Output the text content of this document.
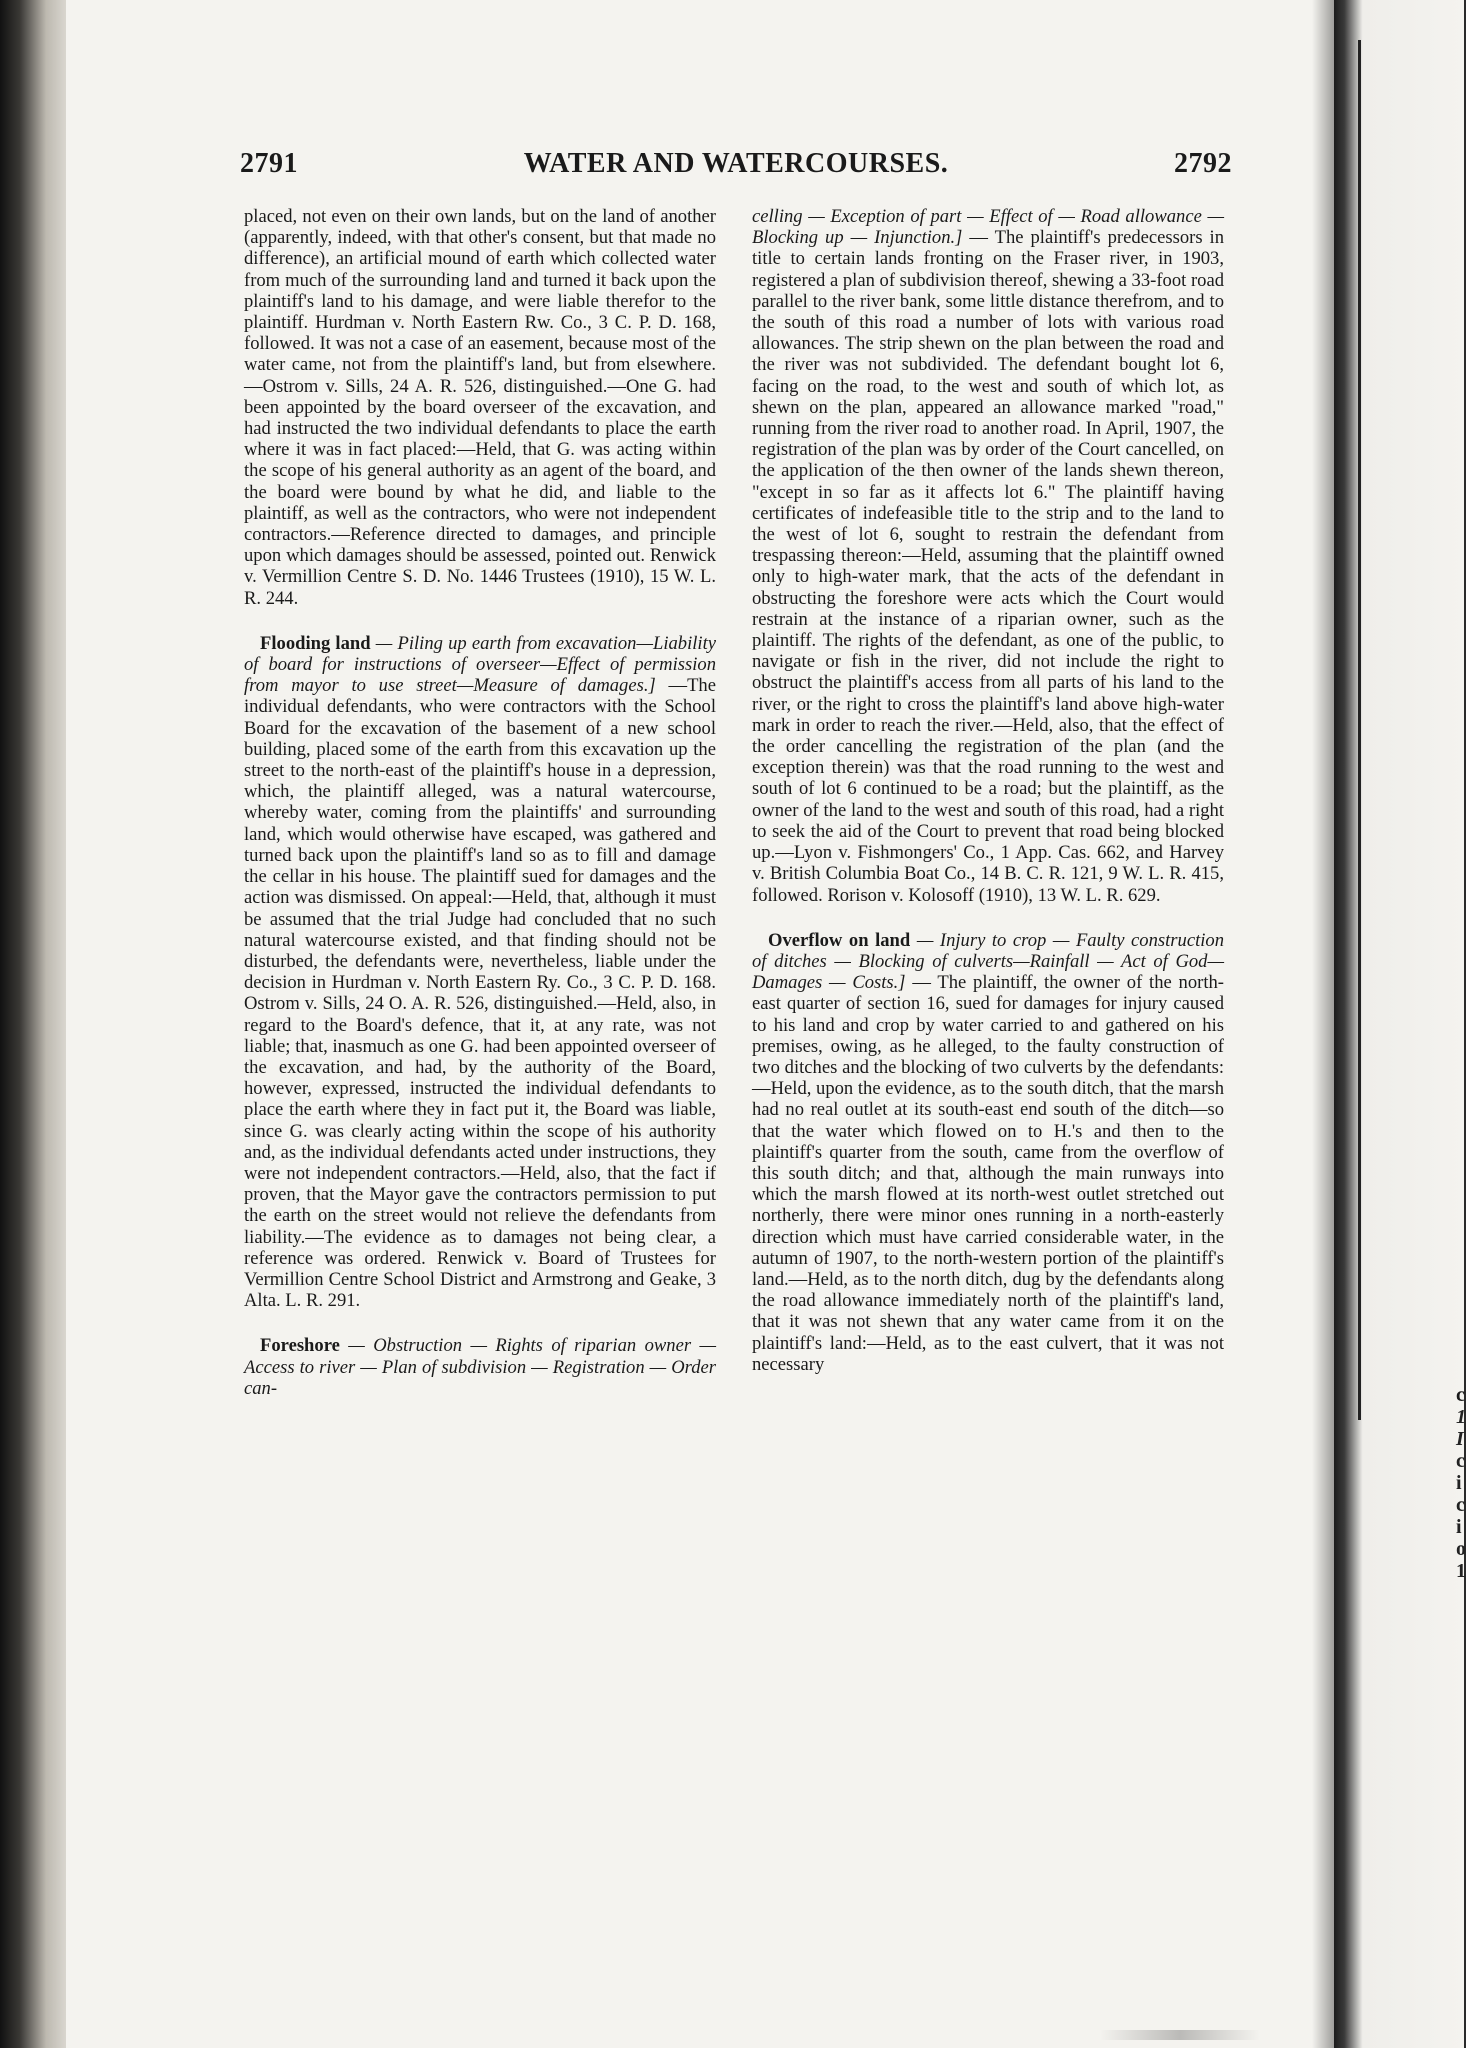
c
1
I
c
i
c
i
o
1
2791	WATER AND WATERCOURSES.	2792

placed, not even on their own lands, but on the land of another (apparently, indeed, with that other's consent, but that made no difference), an artificial mound of earth which collected water from much of the surrounding land and turned it back upon the plaintiff's land to his damage, and were liable therefor to the plaintiff. Hurdman v. North Eastern Rw. Co., 3 C. P. D. 168, followed. It was not a case of an easement, because most of the water came, not from the plaintiff's land, but from elsewhere.—Ostrom v. Sills, 24 A. R. 526, distinguished.—One G. had been appointed by the board overseer of the excavation, and had instructed the two individual defendants to place the earth where it was in fact placed:—Held, that G. was acting within the scope of his general authority as an agent of the board, and the board were bound by what he did, and liable to the plaintiff, as well as the contractors, who were not independent contractors.—Reference directed to damages, and principle upon which damages should be assessed, pointed out. Renwick v. Vermillion Centre S. D. No. 1446 Trustees (1910), 15 W. L. R. 244.

Flooding land — Piling up earth from excavation—Liability of board for instructions of overseer—Effect of permission from mayor to use street—Measure of damages.] —The individual defendants, who were contractors with the School Board for the excavation of the basement of a new school building, placed some of the earth from this excavation up the street to the north-east of the plaintiff's house in a depression, which, the plaintiff alleged, was a natural watercourse, whereby water, coming from the plaintiffs' and surrounding land, which would otherwise have escaped, was gathered and turned back upon the plaintiff's land so as to fill and damage the cellar in his house. The plaintiff sued for damages and the action was dismissed. On appeal:—Held, that, although it must be assumed that the trial Judge had concluded that no such natural watercourse existed, and that finding should not be disturbed, the defendants were, nevertheless, liable under the decision in Hurdman v. North Eastern Ry. Co., 3 C. P. D. 168. Ostrom v. Sills, 24 O. A. R. 526, distinguished.—Held, also, in regard to the Board's defence, that it, at any rate, was not liable; that, inasmuch as one G. had been appointed overseer of the excavation, and had, by the authority of the Board, however, expressed, instructed the individual defendants to place the earth where they in fact put it, the Board was liable, since G. was clearly acting within the scope of his authority and, as the individual defendants acted under instructions, they were not independent contractors.—Held, also, that the fact if proven, that the Mayor gave the contractors permission to put the earth on the street would not relieve the defendants from liability.—The evidence as to damages not being clear, a reference was ordered. Renwick v. Board of Trustees for Vermillion Centre School District and Armstrong and Geake, 3 Alta. L. R. 291.

Foreshore — Obstruction — Rights of riparian owner — Access to river — Plan of subdivision — Registration — Order can-

celling — Exception of part — Effect of — Road allowance — Blocking up — Injunction.] — The plaintiff's predecessors in title to certain lands fronting on the Fraser river, in 1903, registered a plan of subdivision thereof, shewing a 33-foot road parallel to the river bank, some little distance therefrom, and to the south of this road a number of lots with various road allowances. The strip shewn on the plan between the road and the river was not subdivided. The defendant bought lot 6, facing on the road, to the west and south of which lot, as shewn on the plan, appeared an allowance marked "road," running from the river road to another road. In April, 1907, the registration of the plan was by order of the Court cancelled, on the application of the then owner of the lands shewn thereon, "except in so far as it affects lot 6." The plaintiff having certificates of indefeasible title to the strip and to the land to the west of lot 6, sought to restrain the defendant from trespassing thereon:—Held, assuming that the plaintiff owned only to high-water mark, that the acts of the defendant in obstructing the foreshore were acts which the Court would restrain at the instance of a riparian owner, such as the plaintiff. The rights of the defendant, as one of the public, to navigate or fish in the river, did not include the right to obstruct the plaintiff's access from all parts of his land to the river, or the right to cross the plaintiff's land above high-water mark in order to reach the river.—Held, also, that the effect of the order cancelling the registration of the plan (and the exception therein) was that the road running to the west and south of lot 6 continued to be a road; but the plaintiff, as the owner of the land to the west and south of this road, had a right to seek the aid of the Court to prevent that road being blocked up.—Lyon v. Fishmongers' Co., 1 App. Cas. 662, and Harvey v. British Columbia Boat Co., 14 B. C. R. 121, 9 W. L. R. 415, followed. Rorison v. Kolosoff (1910), 13 W. L. R. 629.

Overflow on land — Injury to crop — Faulty construction of ditches — Blocking of culverts—Rainfall — Act of God—Damages — Costs.] — The plaintiff, the owner of the north-east quarter of section 16, sued for damages for injury caused to his land and crop by water carried to and gathered on his premises, owing, as he alleged, to the faulty construction of two ditches and the blocking of two culverts by the defendants:—Held, upon the evidence, as to the south ditch, that the marsh had no real outlet at its south-east end south of the ditch—so that the water which flowed on to H.'s and then to the plaintiff's quarter from the south, came from the overflow of this south ditch; and that, although the main runways into which the marsh flowed at its north-west outlet stretched out northerly, there were minor ones running in a north-easterly direction which must have carried considerable water, in the autumn of 1907, to the north-western portion of the plaintiff's land.—Held, as to the north ditch, dug by the defendants along the road allowance immediately north of the plaintiff's land, that it was not shewn that any water came from it on the plaintiff's land:—Held, as to the east culvert, that it was not necessary
